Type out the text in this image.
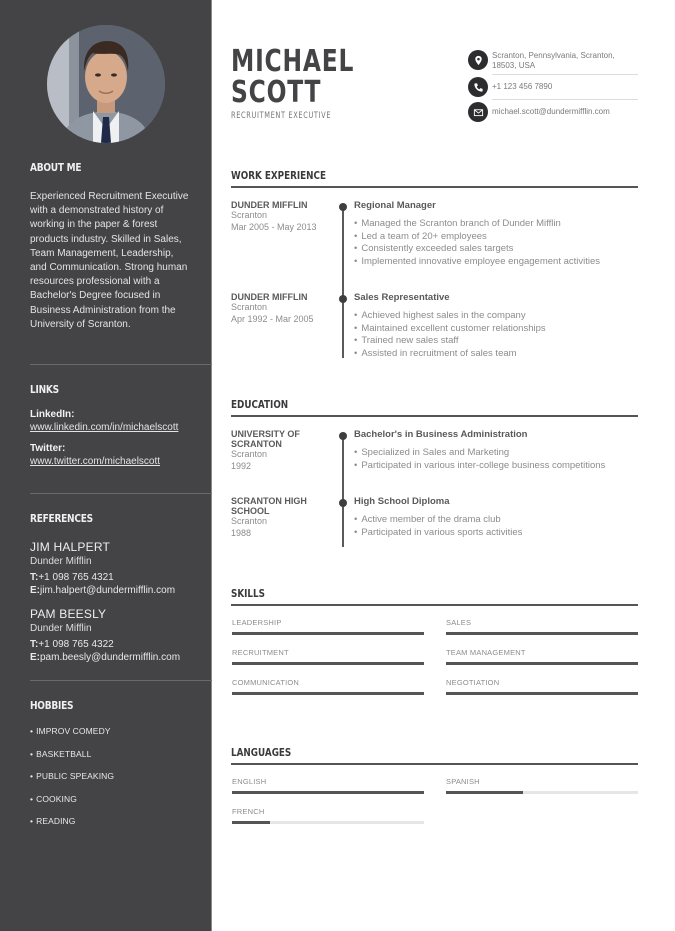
ABOUT ME

Experienced Recruitment Executive with a demonstrated history of working in the paper & forest products industry. Skilled in Sales, Team Management, Leadership, and Communication. Strong human resources professional with a Bachelor's Degree focused in Business Administration from the University of Scranton.

LINKS
LinkedIn:
www.linkedin.com/in/michaelscott
Twitter:
www.twitter.com/michaelscott
REFERENCES
JIM HALPERT
Dunder Mifflin
T:+1 098 765 4321
E:jim.halpert@dundermifflin.com
PAM BEESLY
Dunder Mifflin
T:+1 098 765 4322
E:pam.beesly@dundermifflin.com
HOBBIES
• IMPROV COMEDY
• BASKETBALL
• PUBLIC SPEAKING
• COOKING
• READING
MICHAEL
SCOTT
RECRUITMENT EXECUTIVE
Scranton, Pennsylvania, Scranton, 18503, USA
+1 123 456 7890
michael.scott@dundermifflin.com
WORK EXPERIENCE
DUNDER MIFFLIN
Scranton
Mar 2005 - May 2013
Regional Manager
• Managed the Scranton branch of Dunder Mifflin
• Led a team of 20+ employees
• Consistently exceeded sales targets
• Implemented innovative employee engagement activities
DUNDER MIFFLIN
Scranton
Apr 1992 - Mar 2005
Sales Representative
• Achieved highest sales in the company
• Maintained excellent customer relationships
• Trained new sales staff
• Assisted in recruitment of sales team
EDUCATION
UNIVERSITY OF
SCRANTON
Scranton
1992
Bachelor's in Business Administration
• Specialized in Sales and Marketing
• Participated in various inter-college business competitions
SCRANTON HIGH
SCHOOL
Scranton
1988
High School Diploma
• Active member of the drama club
• Participated in various sports activities
SKILLS
LEADERSHIP	SALES
RECRUITMENT	TEAM MANAGEMENT
COMMUNICATION	NEGOTIATION
LANGUAGES
ENGLISH	SPANISH
FRENCH
